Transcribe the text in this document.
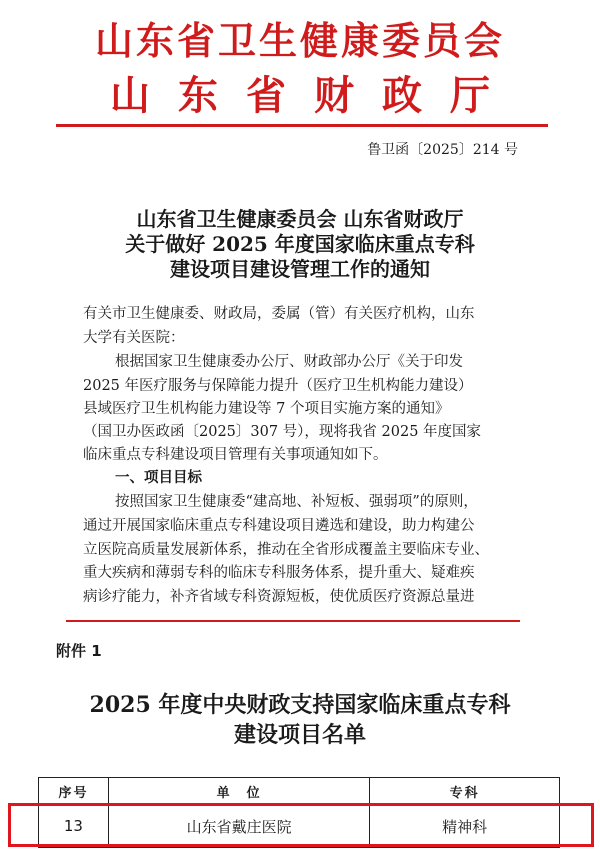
山东省卫生健康委员会
山东省财政厅
鲁卫函〔2025〕214 号
山东省卫生健康委员会 山东省财政厅
关于做好 2025 年度国家临床重点专科
建设项目建设管理工作的通知
有关市卫生健康委、财政局，委属（管）有关医疗机构，山东
大学有关医院：
根据国家卫生健康委办公厅、财政部办公厅《关于印发
2025 年医疗服务与保障能力提升（医疗卫生机构能力建设）
县域医疗卫生机构能力建设等 7 个项目实施方案的通知》
（国卫办医政函〔2025〕307 号），现将我省 2025 年度国家
临床重点专科建设项目管理有关事项通知如下。
一、项目目标
按照国家卫生健康委“建高地、补短板、强弱项”的原则，
通过开展国家临床重点专科建设项目遴选和建设，助力构建公
立医院高质量发展新体系，推动在全省形成覆盖主要临床专业、
重大疾病和薄弱专科的临床专科服务体系，提升重大、疑难疾
病诊疗能力，补齐省域专科资源短板，使优质医疗资源总量进
附件 1
2025 年度中央财政支持国家临床重点专科
建设项目名单
序号	单　位	专科
13	山东省戴庄医院	精神科
